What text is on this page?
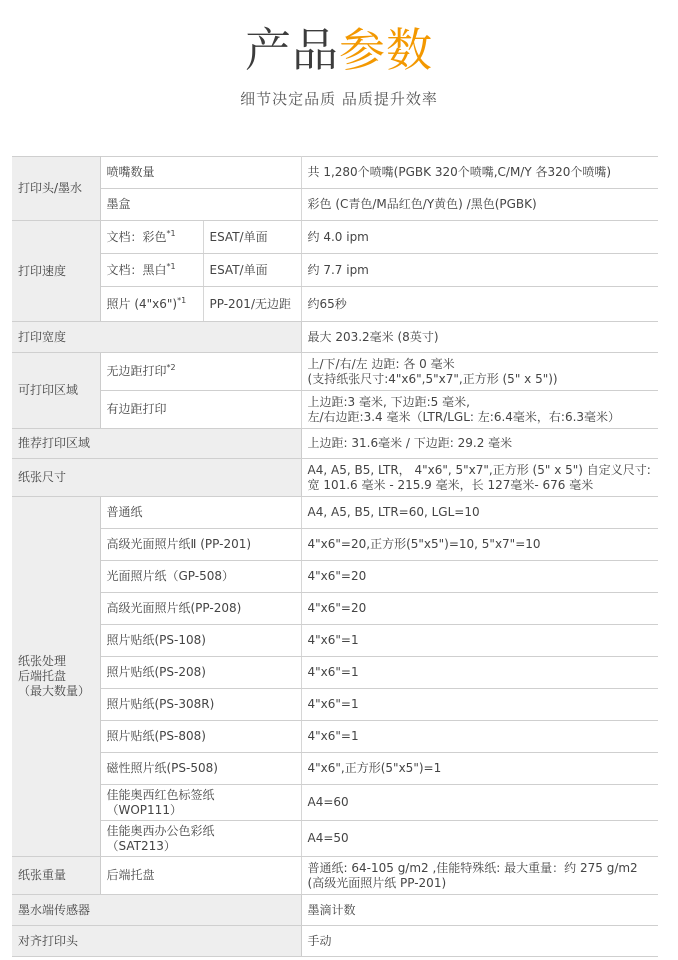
产品参数
细节决定品质 品质提升效率
打印头/墨水	喷嘴数量		共 1,280个喷嘴(PGBK 320个喷嘴,C/M/Y 各320个喷嘴)
	墨盒		彩色 (C青色/M品红色/Y黄色) /黑色(PGBK)
打印速度	文档：彩色$^{*1}$	ESAT/单面	约 4.0 ipm
	文档：黑白$^{*1}$	ESAT/单面	约 7.7 ipm
	照片 (4"x6")$^{*1}$	PP-201/无边距	约65秒
打印宽度			最大 203.2毫米 (8英寸)
可打印区域	无边距打印$^{*2}$		上/下/右/左 边距: 各 0 毫米
(支持纸张尺寸:4"x6",5"x7",正方形 (5" x 5"))

	有边距打印		上边距:3 毫米, 下边距:5 毫米,
左/右边距:3.4 毫米（LTR/LGL: 左:6.4毫米，右:6.3毫米）

推荐打印区域			上边距: 31.6毫米 / 下边距: 29.2 毫米
纸张尺寸			A4, A5, B5, LTR， 4"x6", 5"x7",正方形 (5" x 5") 自定义尺寸:
宽 101.6 毫米 - 215.9 毫米，长 127毫米- 676 毫米

纸张处理
后端托盘
（最大数量）	普通纸		A4, A5, B5, LTR=60, LGL=10
	高级光面照片纸Ⅱ (PP-201)		4"x6"=20,正方形(5"x5")=10, 5"x7"=10
	光面照片纸（GP-508）		4"x6"=20
	高级光面照片纸(PP-208)		4"x6"=20
	照片贴纸(PS-108)		4"x6"=1
	照片贴纸(PS-208)		4"x6"=1
	照片贴纸(PS-308R)		4"x6"=1
	照片贴纸(PS-808)		4"x6"=1
	磁性照片纸(PS-508)		4"x6",正方形(5"x5")=1

	佳能奥西红色标签纸
（WOP111）		A4=60

	佳能奥西办公色彩纸
（SAT213）		A4=50
纸张重量	后端托盘		普通纸: 64-105 g/m2 ,佳能特殊纸: 最大重量：约 275 g/m2
(高级光面照片纸 PP-201)

墨水端传感器			墨滴计数
对齐打印头			手动
